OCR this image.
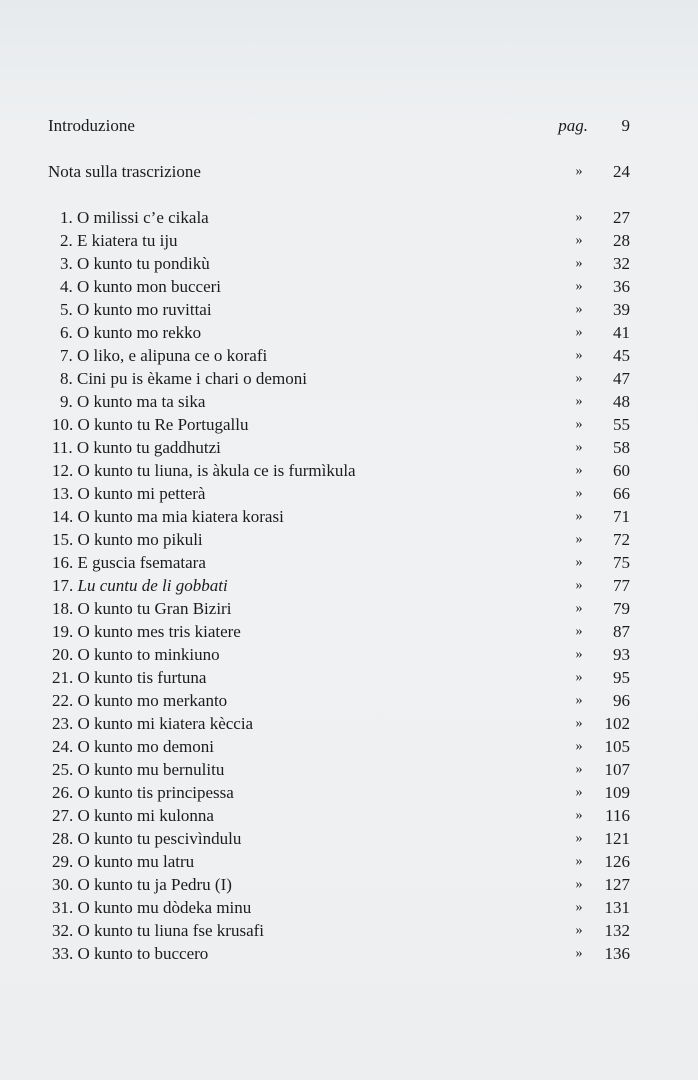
Introduzione	pag. 9
Nota sulla trascrizione	» 24
1. O milissi c’e cikala	» 27
2. E kiatera tu iju	» 28
3. O kunto tu pondikù	» 32
4. O kunto mon bucceri	» 36
5. O kunto mo ruvittai	» 39
6. O kunto mo rekko	» 41
7. O liko, e alipuna ce o korafi	» 45
8. Cini pu is èkame i chari o demoni	» 47
9. O kunto ma ta sika	» 48
10. O kunto tu Re Portugallu	» 55
11. O kunto tu gaddhutzi	» 58
12. O kunto tu liuna, is àkula ce is furmìkula	» 60
13. O kunto mi petterà	» 66
14. O kunto ma mia kiatera korasi	» 71
15. O kunto mo pikuli	» 72
16. E guscia fsematara	» 75
17. Lu cuntu de li gobbati	» 77
18. O kunto tu Gran Biziri	» 79
19. O kunto mes tris kiatere	» 87
20. O kunto to minkiuno	» 93
21. O kunto tis furtuna	» 95
22. O kunto mo merkanto	» 96
23. O kunto mi kiatera kèccia	» 102
24. O kunto mo demoni	» 105
25. O kunto mu bernulitu	» 107
26. O kunto tis principessa	» 109
27. O kunto mi kulonna	» 116
28. O kunto tu pescivìndulu	» 121
29. O kunto mu latru	» 126
30. O kunto tu ja Pedru (I)	» 127
31. O kunto mu dòdeka minu	» 131
32. O kunto tu liuna fse krusafi	» 132
33. O kunto to buccero	» 136
